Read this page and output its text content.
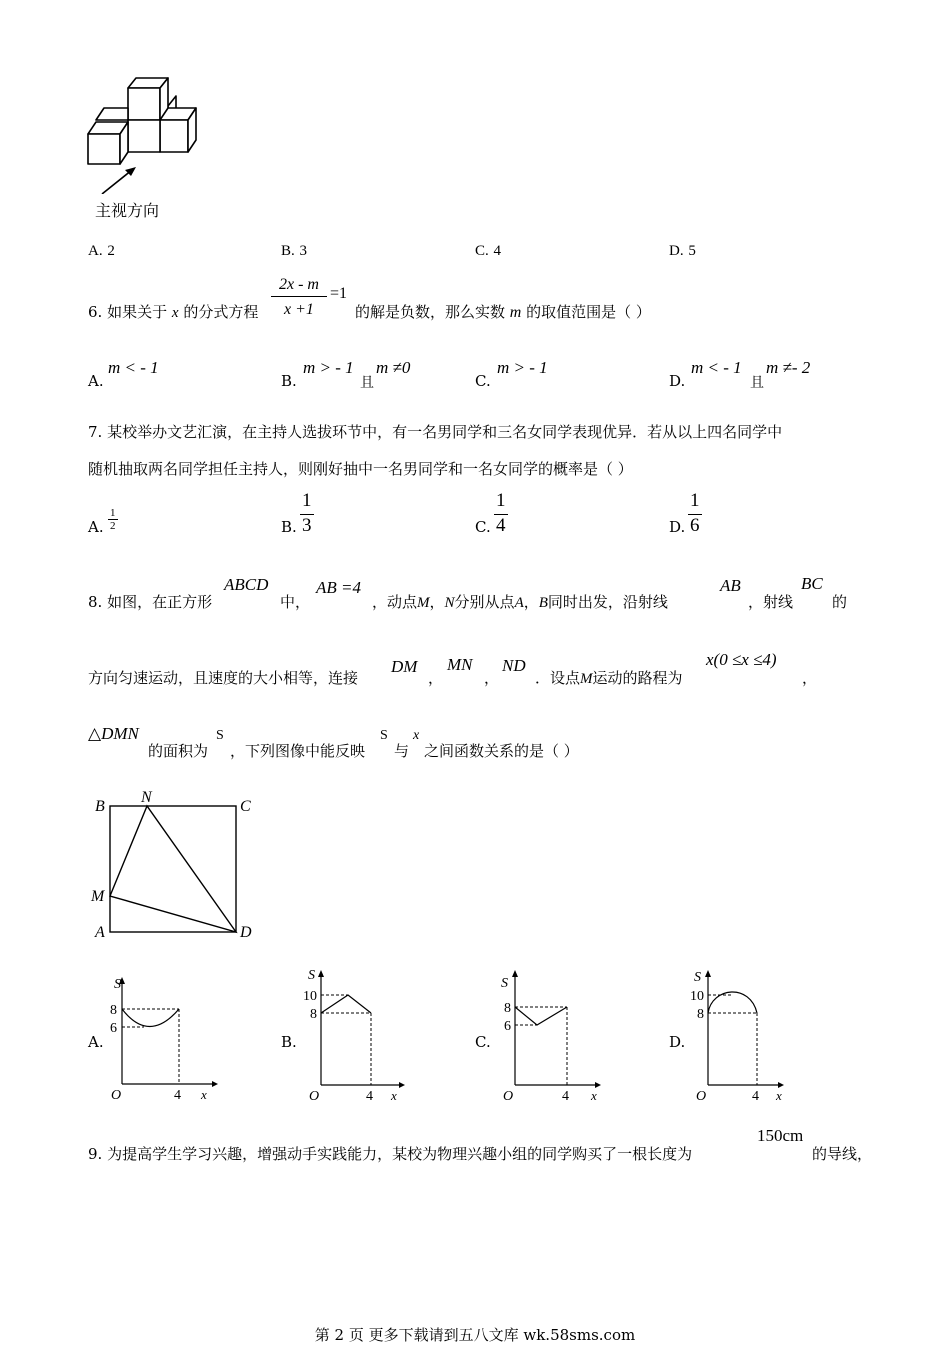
主视方向
A. 2	B. 3	C. 4	D. 5
6. 如果关于 x 的分式方程 $\frac{2x - m}{x +1} =1$
的解是负数，那么实数 m 的取值范围是（ ）
A.
m < - 1
B.
m > - 1
且
m ≠0
C.
m > - 1
D.
m < - 1
且
m ≠- 2
7. 某校举办文艺汇演，在主持人选拔环节中，有一名男同学和三名女同学表现优异．若从以上四名同学中
随机抽取两名同学担任主持人，则刚好抽中一名男同学和一名女同学的概率是（ ）
A. $\frac{1}{2}$	B. $\frac{1}{3}$	C. $\frac{1}{4}$	D. $\frac{1}{6}$
8. 如图，在正方形
ABCD
中，
AB =4
，动点M，N分别从点A，B同时出发，沿射线
AB
，射线
BC
的
方向匀速运动，且速度的大小相等，连接
DM
，
MN
，
ND
．设点M运动的路程为
x(0 ≤x ≤4)
，
△DMN
的面积为
S
，下列图像中能反映
S
与
x
之间函数关系的是（ ）
B
N
C
M
A	D
A.
S
x
O	4
8
6
B.
S
x
O	4
10
8
C.
S
x
O	4
8
6
D.
S
x
O	4
10
8
9. 为提高学生学习兴趣，增强动手实践能力，某校为物理兴趣小组的同学购买了一根长度为
150cm
的导线，
第 2 页 更多下载请到五八文库 wk.58sms.com
